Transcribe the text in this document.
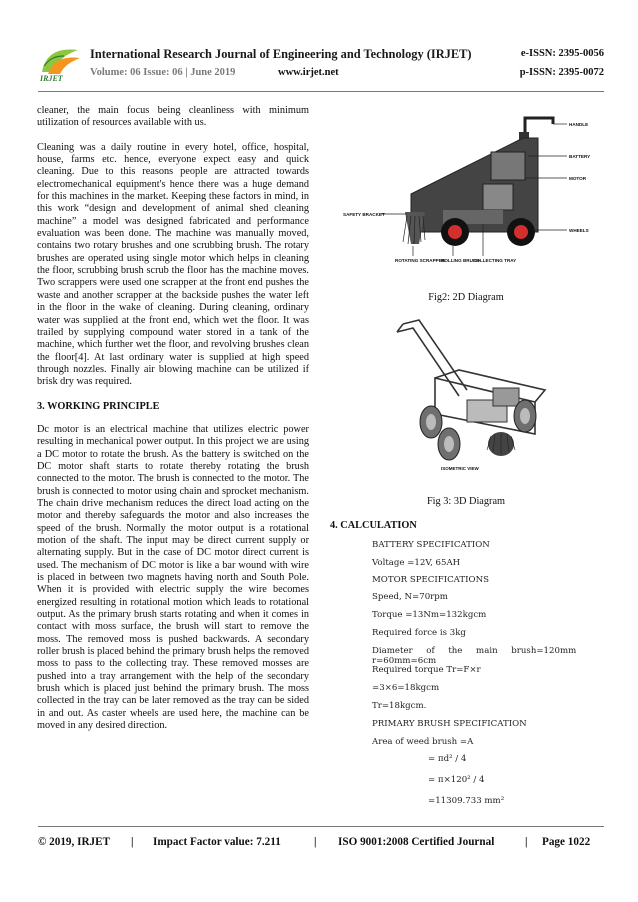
International Research Journal of Engineering and Technology (IRJET)	e-ISSN: 2395-0056
Volume: 06 Issue: 06 | June 2019	www.irjet.net	p-ISSN: 2395-0072
IRJET

cleaner, the main focus being cleanliness with minimum utilization of resources available with us.

Cleaning was a daily routine in every hotel, office, hospital, house, farms etc. hence, everyone expect easy and quick cleaning. Due to this reasons people are attracted towards electromechanical equipment's hence there was a huge demand for this machines in the market. Keeping these factors in mind, in this work “design and development of animal shed cleaning machine” a model was designed fabricated and performance evaluation was been done. The machine was manually moved, contains two rotary brushes and one scrubbing brush. The rotary brushes are operated using single motor which helps in cleaning the floor, scrubbing brush scrub the floor has the machine moves. Two scrappers were used one scrapper at the front end pushes the waste and another scrapper at the backside pushes the water left in the floor in the wake of cleaning. During cleaning, ordinary water was supplied at the front end, which wet the floor. It was trailed by supplying compound water stored in a tank of the machine, which further wet the floor, and revolving brushes clean the floor[4]. At last ordinary water is supplied at high speed through nozzles. Finally air blowing machine can be utilized if brisk dry was required.

3. WORKING PRINCIPLE

Dc motor is an electrical machine that utilizes electric power resulting in mechanical power output. In this project we are using a DC motor to rotate the brush. As the battery is switched on the DC motor shaft starts to rotate thereby rotating the brush connected to the motor. The brush is connected to the motor. The brush is connected to motor using chain and sprocket mechanism. The chain drive mechanism reduces the direct load acting on the motor and thereby safeguards the motor and also increases the speed of the brush. Normally the motor output is a rotational motion of the shaft. The input may be direct current supply or alternating supply. But in the case of DC motor direct current is used. The mechanism of DC motor is like a bar wound with wire is placed in between two magnets having north and South Pole. When it is provided with electric supply the wire becomes energized resulting in rotational motion which leads to rotational output. As the primary brush starts rotating and when it comes in contact with moss surface, the brush will start to remove the moss. The removed moss is pushed backwards. A secondary roller brush is placed behind the primary brush helps the removed moss to pass to the collecting tray. These removed mosses are pushed into a tray arrangement with the help of the secondary brush which is placed just behind the primary brush. The moss collected in the tray can be later removed as the tray can be sided in and out. As caster wheels are used here, the machine can be moved in any desired direction.

HANDLE
BATTERY
MOTOR
WHEELS
SAFETY BRACKET
ROTATING SCRAPPER
ROLLING BRUSH
COLLECTING TRAY
Fig2: 2D Diagram
ISOMETRIC VIEW
Fig 3: 3D Diagram
4. CALCULATION
BATTERY SPECIFICATION
Voltage =12V, 65AH
MOTOR SPECIFICATIONS
Speed, N=70rpm
Torque =13Nm=132kgcm
Required force is 3kg
Diameter     of     the     main     brush=120mm
r=60mm=6cm
Required torque Tr=F×r
=3×6=18kgcm
Tr=18kgcm.
PRIMARY BRUSH SPECIFICATION
Area of weed brush =A
= πd² / 4
= π×120² / 4
=11309.733 mm²
© 2019, IRJET | Impact Factor value: 7.211	| ISO 9001:2008 Certified Journal	| Page 1022
